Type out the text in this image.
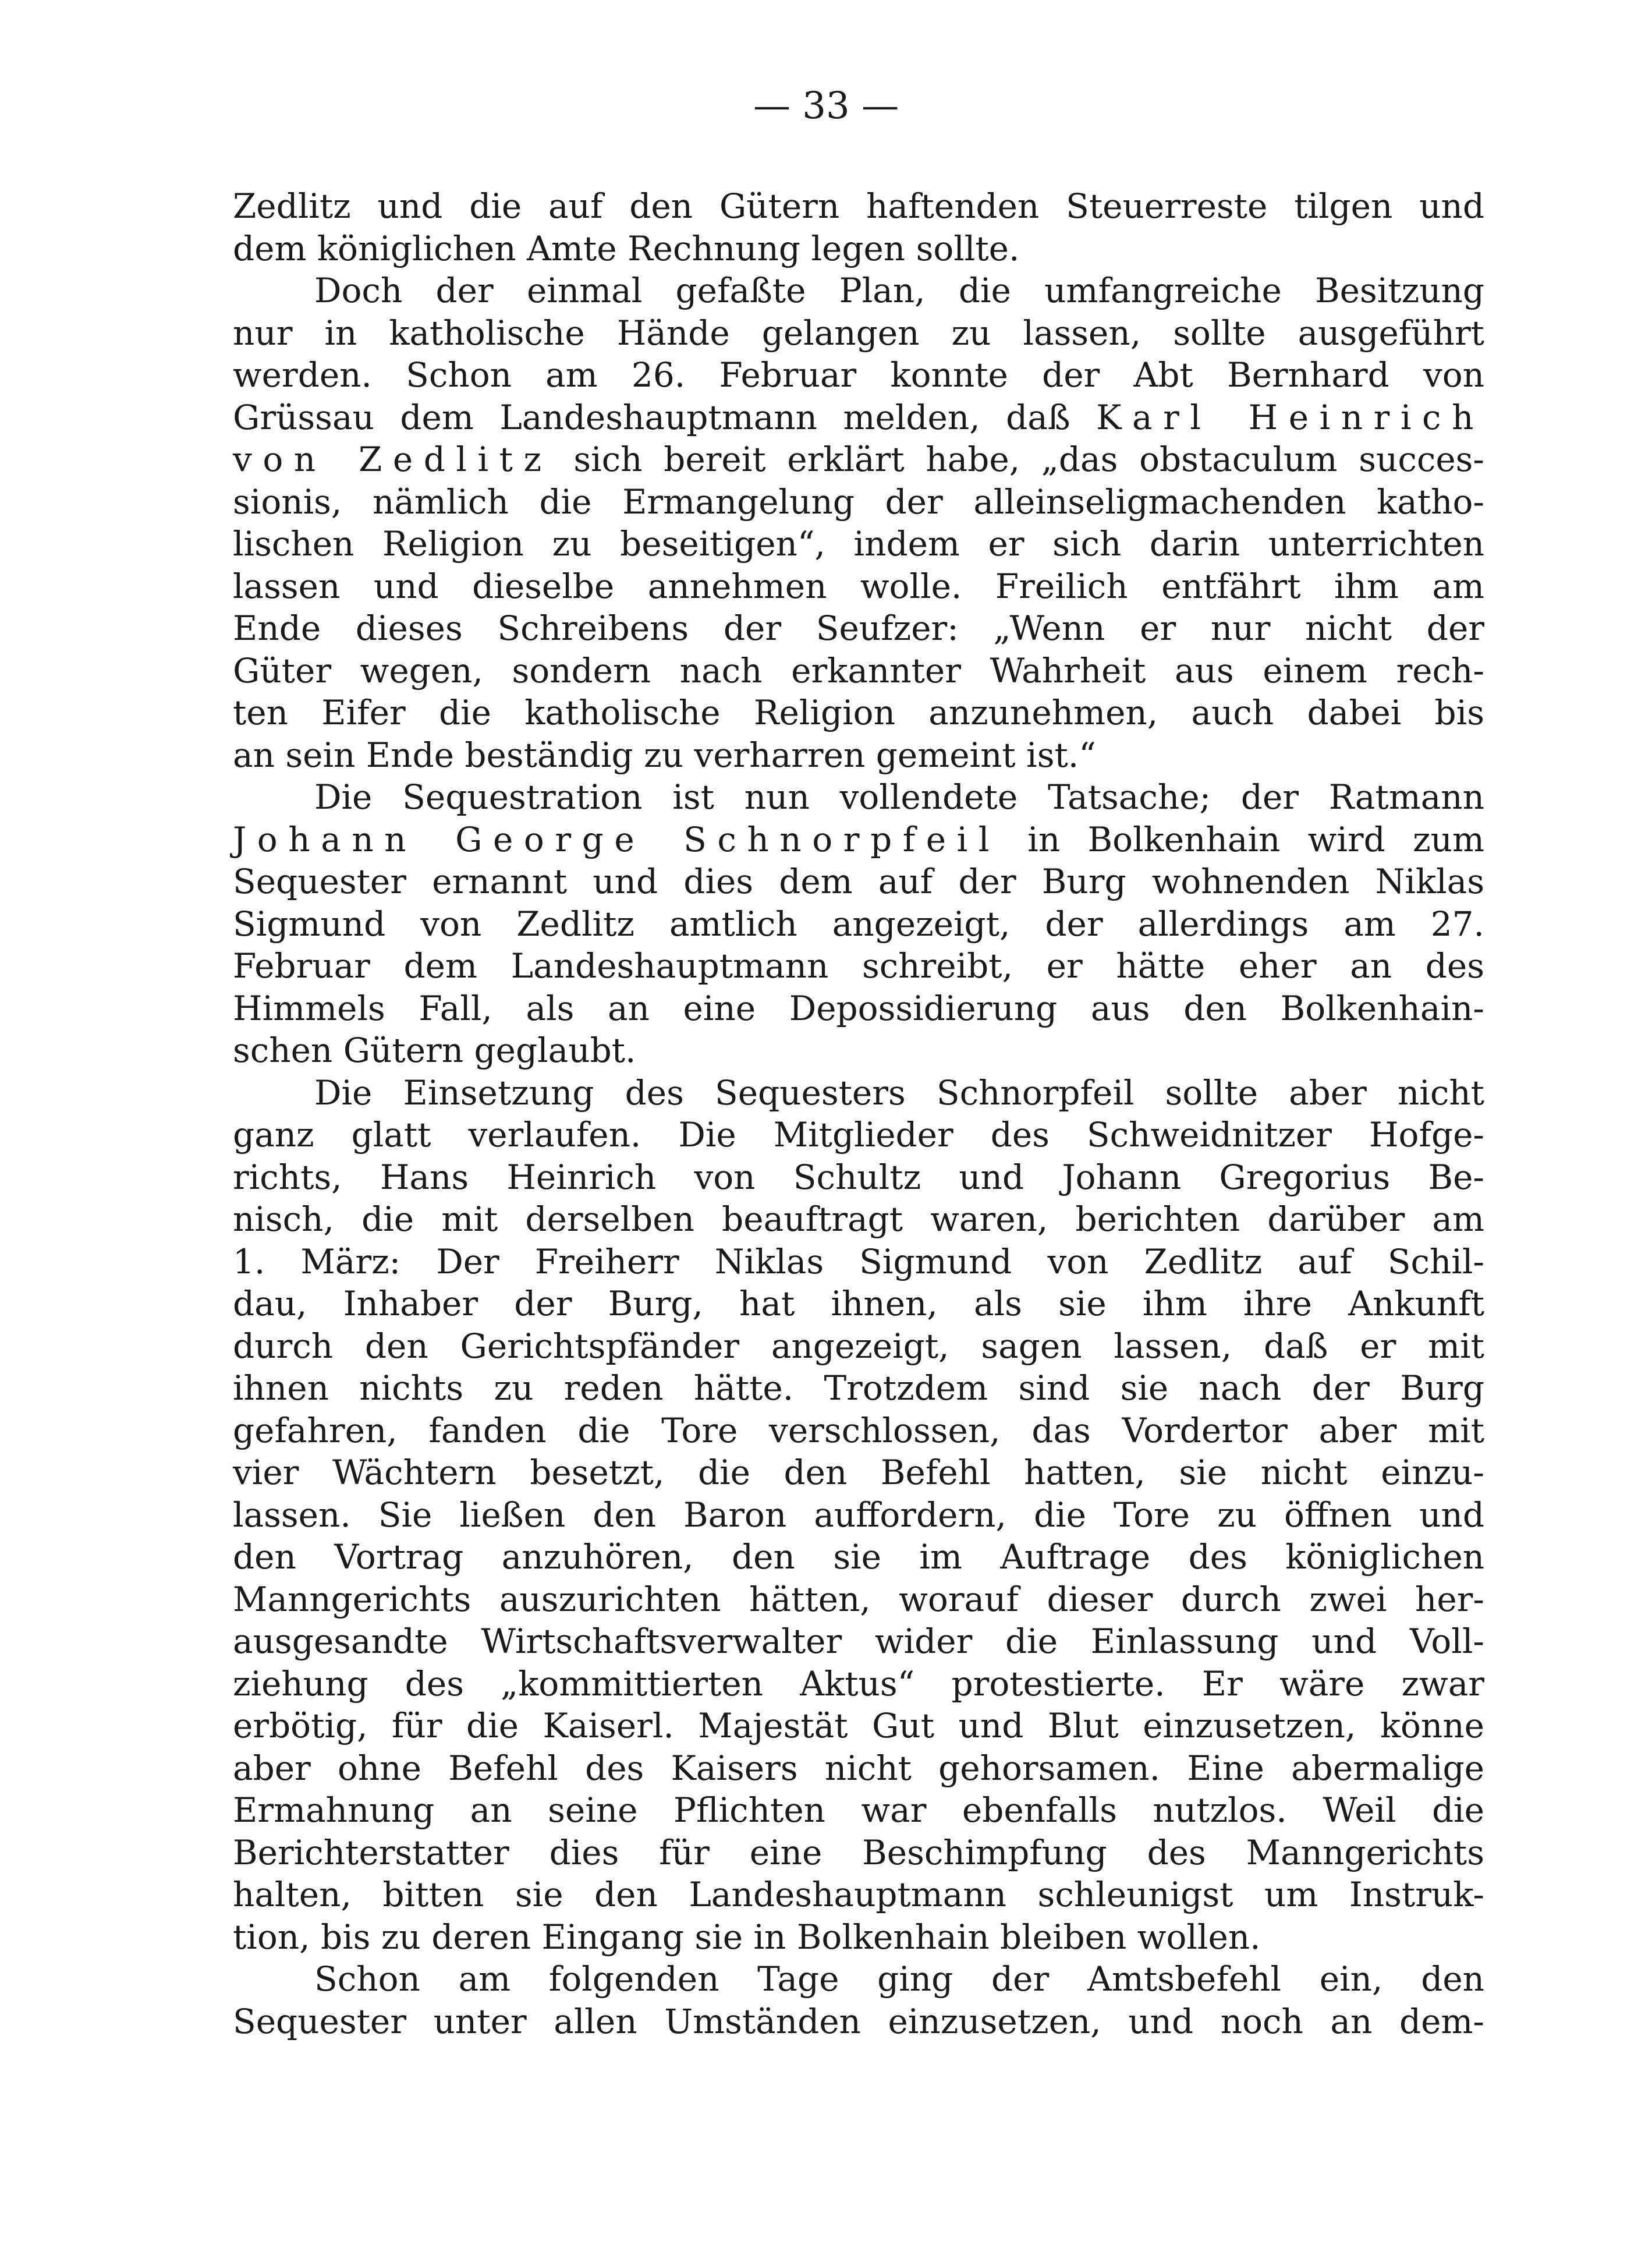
— 33 —
Zedlitz und die auf den Gütern haftenden Steuerreste tilgen und
dem königlichen Amte Rechnung legen sollte.
Doch der einmal gefaßte Plan, die umfangreiche Besitzung
nur in katholische Hände gelangen zu lassen, sollte ausgeführt
werden. Schon am 26. Februar konnte der Abt Bernhard von
Grüssau dem Landeshauptmann melden, daß Karl Heinrich
von Zedlitz sich bereit erklärt habe, „das obstaculum succes-
sionis, nämlich die Ermangelung der alleinseligmachenden katho-
lischen Religion zu beseitigen“, indem er sich darin unterrichten
lassen und dieselbe annehmen wolle. Freilich entfährt ihm am
Ende dieses Schreibens der Seufzer: „Wenn er nur nicht der
Güter wegen, sondern nach erkannter Wahrheit aus einem rech-
ten Eifer die katholische Religion anzunehmen, auch dabei bis
an sein Ende beständig zu verharren gemeint ist.“
Die Sequestration ist nun vollendete Tatsache; der Ratmann
Johann George Schnorpfeil in Bolkenhain wird zum
Sequester ernannt und dies dem auf der Burg wohnenden Niklas
Sigmund von Zedlitz amtlich angezeigt, der allerdings am 27.
Februar dem Landeshauptmann schreibt, er hätte eher an des
Himmels Fall, als an eine Depossidierung aus den Bolkenhain-
schen Gütern geglaubt.
Die Einsetzung des Sequesters Schnorpfeil sollte aber nicht
ganz glatt verlaufen. Die Mitglieder des Schweidnitzer Hofge-
richts, Hans Heinrich von Schultz und Johann Gregorius Be-
nisch, die mit derselben beauftragt waren, berichten darüber am
1. März: Der Freiherr Niklas Sigmund von Zedlitz auf Schil-
dau, Inhaber der Burg, hat ihnen, als sie ihm ihre Ankunft
durch den Gerichtspfänder angezeigt, sagen lassen, daß er mit
ihnen nichts zu reden hätte. Trotzdem sind sie nach der Burg
gefahren, fanden die Tore verschlossen, das Vordertor aber mit
vier Wächtern besetzt, die den Befehl hatten, sie nicht einzu-
lassen. Sie ließen den Baron auffordern, die Tore zu öffnen und
den Vortrag anzuhören, den sie im Auftrage des königlichen
Manngerichts auszurichten hätten, worauf dieser durch zwei her-
ausgesandte Wirtschaftsverwalter wider die Einlassung und Voll-
ziehung des „kommittierten Aktus“ protestierte. Er wäre zwar
erbötig, für die Kaiserl. Majestät Gut und Blut einzusetzen, könne
aber ohne Befehl des Kaisers nicht gehorsamen. Eine abermalige
Ermahnung an seine Pflichten war ebenfalls nutzlos. Weil die
Berichterstatter dies für eine Beschimpfung des Manngerichts
halten, bitten sie den Landeshauptmann schleunigst um Instruk-
tion, bis zu deren Eingang sie in Bolkenhain bleiben wollen.
Schon am folgenden Tage ging der Amtsbefehl ein, den
Sequester unter allen Umständen einzusetzen, und noch an dem-
